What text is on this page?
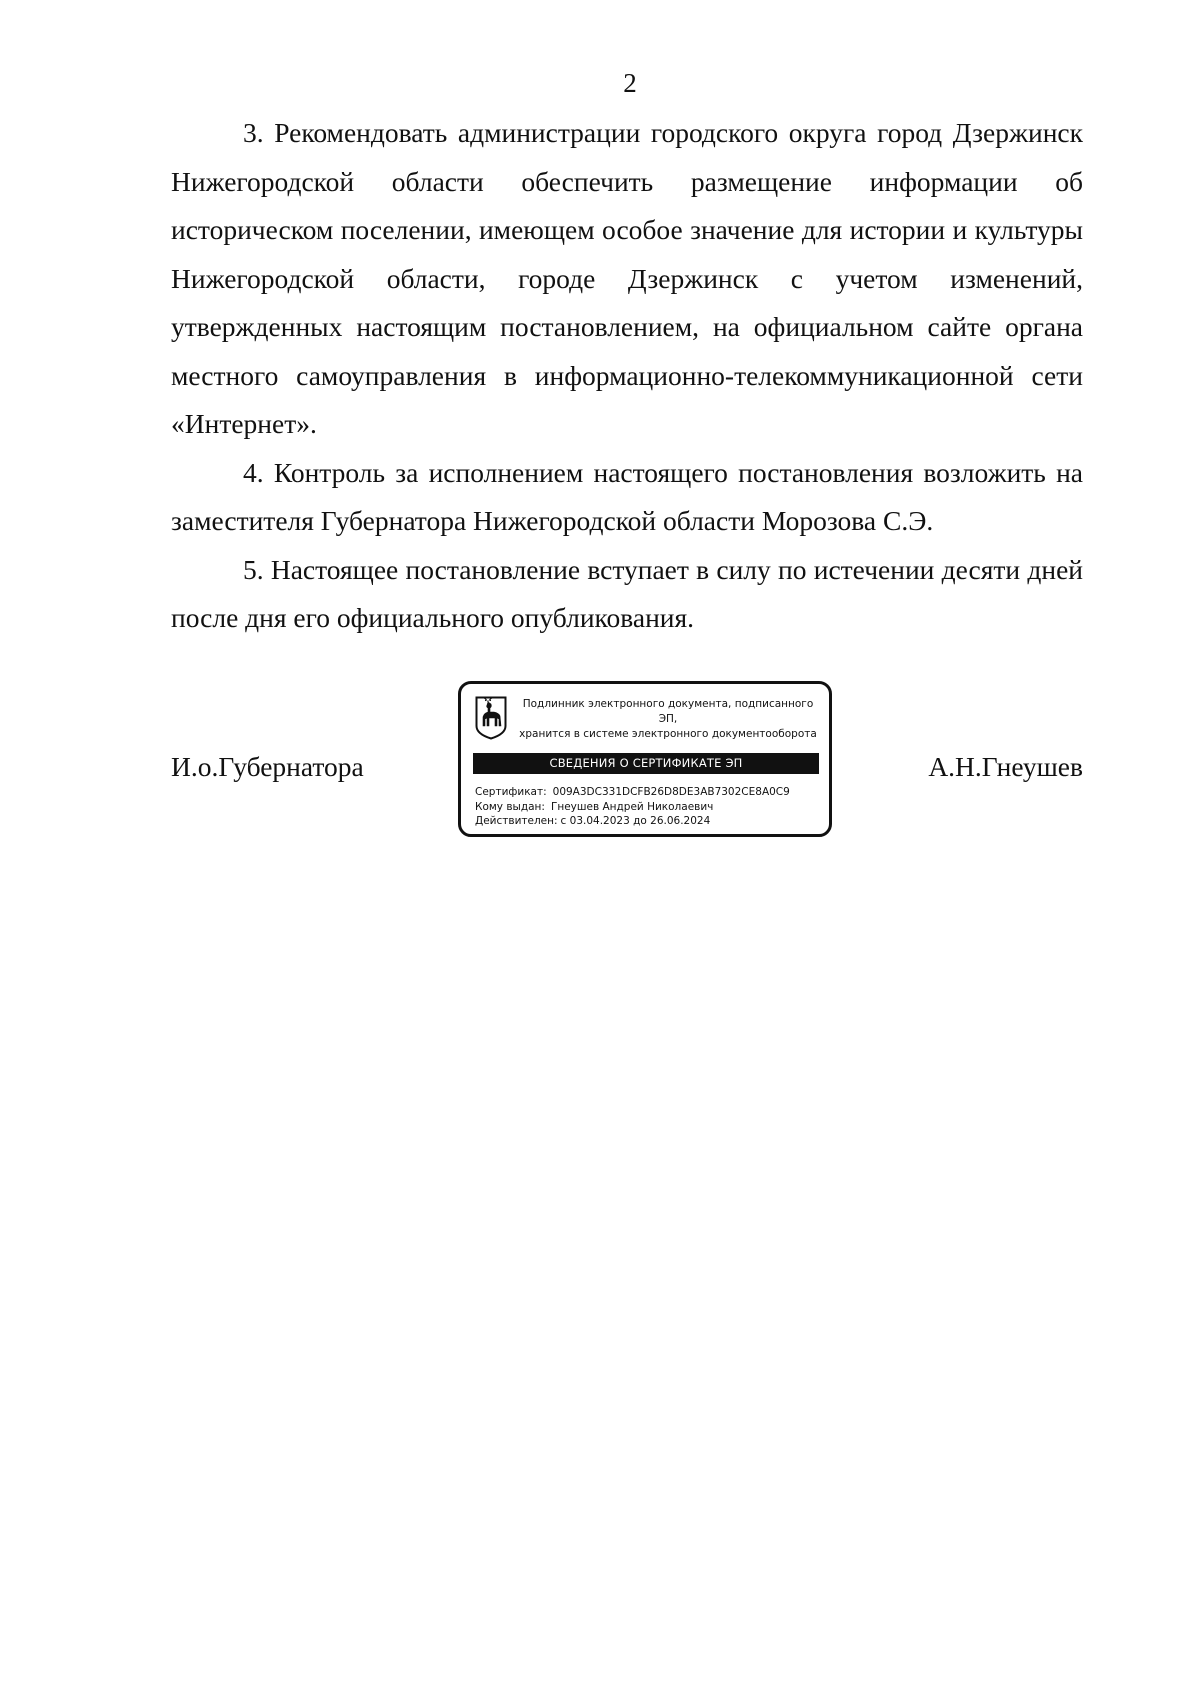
2

3. Рекомендовать администрации городского округа город Дзержинск Нижегородской области обеспечить размещение информации об историческом поселении, имеющем особое значение для истории и культуры Нижегородской области, городе Дзержинск с учетом изменений, утвержденных настоящим постановлением, на официальном сайте органа местного самоуправления в информационно-телекоммуникационной сети «Интернет».

4. Контроль за исполнением настоящего постановления возложить на заместителя Губернатора Нижегородской области Морозова С.Э.

5. Настоящее постановление вступает в силу по истечении десяти дней после дня его официального опубликования.

И.о.Губернатора
Подлинник электронного документа, подписанного ЭП,
хранится в системе электронного документооборота
СВЕДЕНИЯ О СЕРТИФИКАТЕ ЭП
Сертификат: 009A3DC331DCFB26D8DE3AB7302CE8A0C9
Кому выдан: Гнеушев Андрей Николаевич
Действителен: с 03.04.2023 до 26.06.2024
А.Н.Гнеушев
